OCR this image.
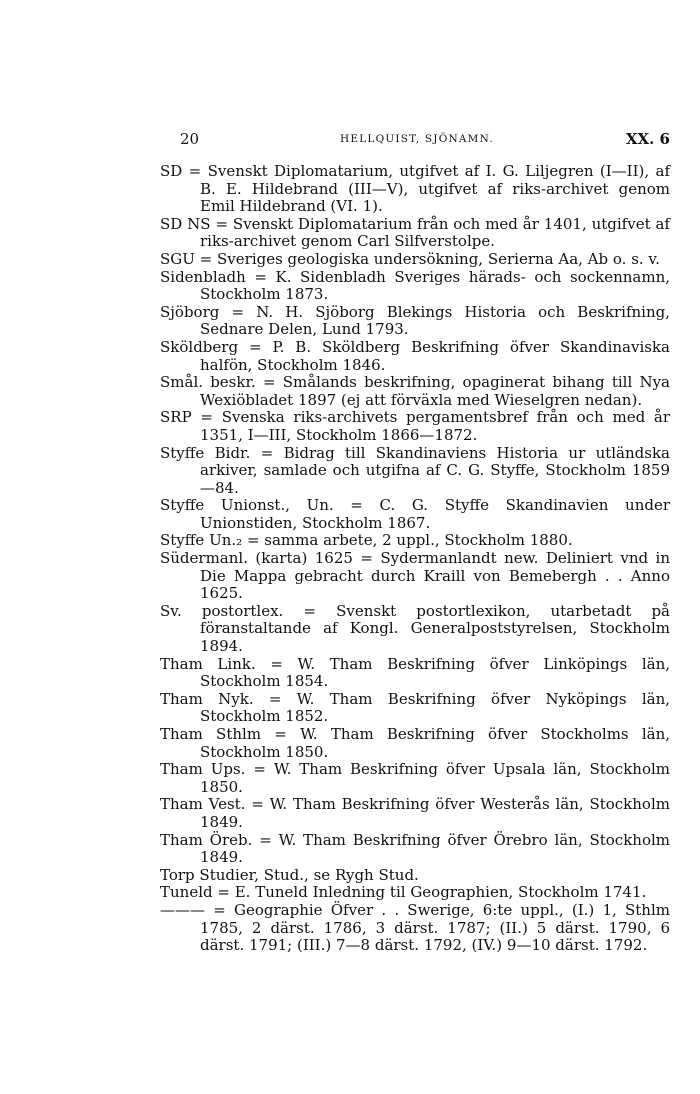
20	HELLQUIST, SJÖNAMN.	XX. 6

SD = Svenskt Diplomatarium, utgifvet af I. G. Liljegren (I—II), af B. E. Hildebrand (III—V), utgifvet af riks-archivet genom Emil Hildebrand (VI. 1).

SD NS = Svenskt Diplomatarium från och med år 1401, utgifvet af riks-archivet genom Carl Silfverstolpe.

SGU = Sveriges geologiska undersökning, Serierna Aa, Ab o. s. v.

Sidenbladh = K. Sidenbladh Sveriges härads- och sockennamn, Stockholm 1873.

Sjöborg = N. H. Sjöborg Blekings Historia och Beskrifning, Sednare Delen, Lund 1793.

Sköldberg = P. B. Sköldberg Beskrifning öfver Skandinaviska halfön, Stockholm 1846.

Smål. beskr. = Smålands beskrifning, opaginerat bihang till Nya Wexiöbladet 1897 (ej att förväxla med Wieselgren nedan).

SRP = Svenska riks-archivets pergamentsbref från och med år 1351, I—III, Stockholm 1866—1872.

Styffe Bidr. = Bidrag till Skandinaviens Historia ur utländska arkiver, samlade och utgifna af C. G. Styffe, Stockholm 1859—84.

Styffe Unionst., Un. = C. G. Styffe Skandinavien under Unionstiden, Stockholm 1867.

Styffe Un.₂ = samma arbete, 2 uppl., Stockholm 1880.

Südermanl. (karta) 1625 = Sydermanlandt new. Deliniert vnd in Die Mappa gebracht durch Kraill von Bemebergh . . Anno 1625.

Sv. postortlex. = Svenskt postortlexikon, utarbetadt på föranstaltande af Kongl. Generalpoststyrelsen, Stockholm 1894.

Tham Link. = W. Tham Beskrifning öfver Linköpings län, Stockholm 1854.

Tham Nyk. = W. Tham Beskrifning öfver Nyköpings län, Stockholm 1852.

Tham Sthlm = W. Tham Beskrifning öfver Stockholms län, Stockholm 1850.

Tham Ups. = W. Tham Beskrifning öfver Upsala län, Stockholm 1850.

Tham Vest. = W. Tham Beskrifning öfver Westerås län, Stockholm 1849.

Tham Öreb. = W. Tham Beskrifning öfver Örebro län, Stockholm 1849.

Torp Studier, Stud., se Rygh Stud.

Tuneld = E. Tuneld Inledning til Geographien, Stockholm 1741.

——— = Geographie Öfver . . Swerige, 6:te uppl., (I.) 1, Sthlm 1785, 2 därst. 1786, 3 därst. 1787; (II.) 5 därst. 1790, 6 därst. 1791; (III.) 7—8 därst. 1792, (IV.) 9—10 därst. 1792.
